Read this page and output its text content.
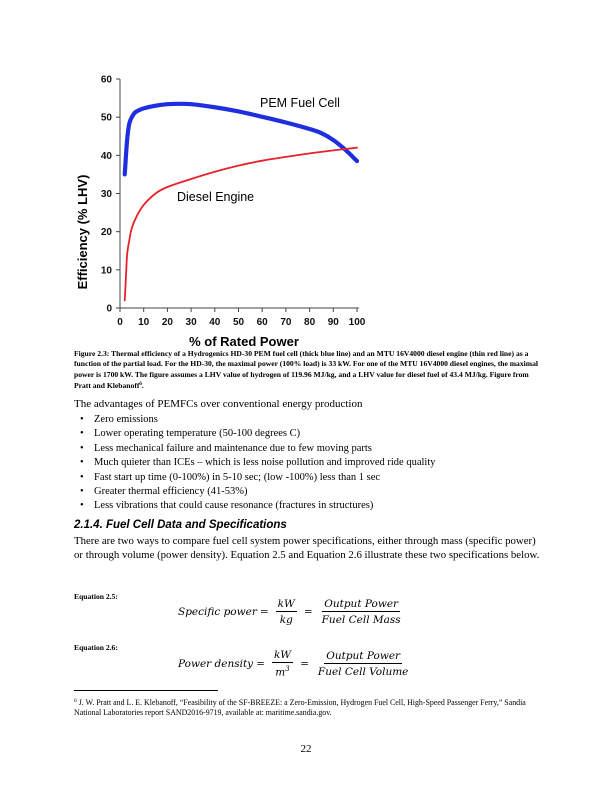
0
10
20
30
40
50
60
0 10 20 30 40 50 60 70 80 90 100
PEM Fuel Cell
Diesel Engine
% of Rated Power
Efficiency (% LHV)
Figure 2.3: Thermal efficiency of a Hydrogenics HD-30 PEM fuel cell (thick blue line) and an MTU 16V4000 diesel engine (thin red line) as a function of the partial load. For the HD-30, the maximal power (100% load) is 33 kW. For one of the MTU 16V4000 diesel engines, the maximal power is 1700 kW. The figure assumes a LHV value of hydrogen of 119.96 MJ/kg, and a LHV value for diesel fuel of 43.4 MJ/kg. Figure from Pratt and Klebanoff$^6$.
The advantages of PEMFCs over conventional energy production
• Zero emissions
• Lower operating temperature (50-100 degrees C)
• Less mechanical failure and maintenance due to few moving parts
• Much quieter than ICEs – which is less noise pollution and improved ride quality
• Fast start up time (0-100%) in 5-10 sec; (low -100%) less than 1 sec
• Greater thermal efficiency (41-53%)
• Less vibrations that could cause resonance (fractures in structures)
2.1.4. Fuel Cell Data and Specifications
There are two ways to compare fuel cell system power specifications, either through mass (specific power) or through volume (power density). Equation 2.5 and Equation 2.6 illustrate these two specifications below.
Equation 2.5:
Specific power = $\frac{kW}{kg} = \frac{\text{Output Power}}{\text{Fuel Cell Mass}}$
Equation 2.6:
Power density = $\frac{kW}{m^3} = \frac{\text{Output Power}}{\text{Fuel Cell Volume}}$
$^6$ J. W. Pratt and L. E. Klebanoff, “Feasibility of the SF-BREEZE: a Zero-Emission, Hydrogen Fuel Cell, High-Speed Passenger Ferry,” Sandia National Laboratories report SAND2016-9719, available at: maritime.sandia.gov.
22
